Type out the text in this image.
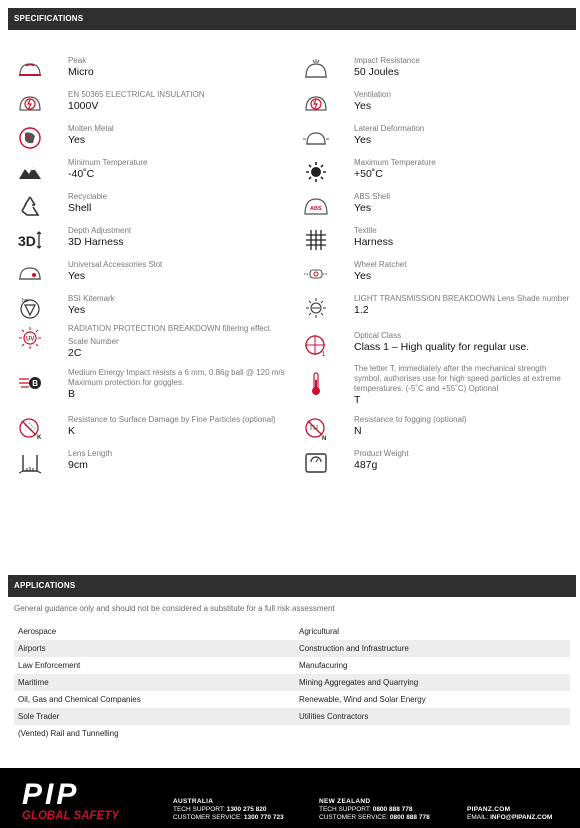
SPECIFICATIONS
Peak
Micro
EN 50365 ELECTRICAL INSULATION
1000V
Molten Metal
Yes
Minimum Temperature
-40˚C
Recyclable
Shell
3D
Depth Adjustment
3D Harness
Universal Accessories Slot
Yes
bsi	BSI Kitemark
Yes
UV
RADIATION PROTECTION BREAKDOWN filtering effect
Scale Number
2C
B
Medium Energy Impact resists a 6 mm, 0.86g ball @ 120 m/s
Maximum protection for goggles.
B
K
Resistance to Surface Damage by Fine Particles (optional)
K
Lens Length
9cm
Impact Resistance
50 Joules
Ventilation
Yes
Lateral Deformation
Yes
Maximum Temperature
+50˚C
ABS
ABS Shell
Yes
Textile
Harness
Wheel Ratchet
Yes
LIGHT TRANSMISSION BREAKDOWN Lens Shade number
1.2
1
Optical Class
Class 1 – High quality for regular use.
The letter T, immediately after the mechanical strength
symbol, authorises use for high speed particles at extreme
temperatures. (-5˚C and +55˚C) Optional
T
N
Resistance to fogging (optional)
N
Product Weight
487g
APPLICATIONS
General guidance only and should not be considered a substitute for a full risk assessment
Aerospace	Agricultural
Airports	Construction and Infrastructure
Law Enforcement	Manufacuring
Maritime	Mining Aggregates and Quarrying
Oil, Gas and Chemical Companies	Renewable, Wind and Solar Energy
Sole Trader	Utilities Contractors
(Vented) Rail and Tunnelling
PIP
GLOBAL SAFETY
AUSTRALIA
TECH SUPPORT: 1300 275 820
CUSTOMER SERVICE: 1300 770 723
NEW ZEALAND
TECH SUPPORT: 0800 888 778
CUSTOMER SERVICE: 0800 888 778
PIPANZ.COM
EMAIL: INFO@PIPANZ.COM
